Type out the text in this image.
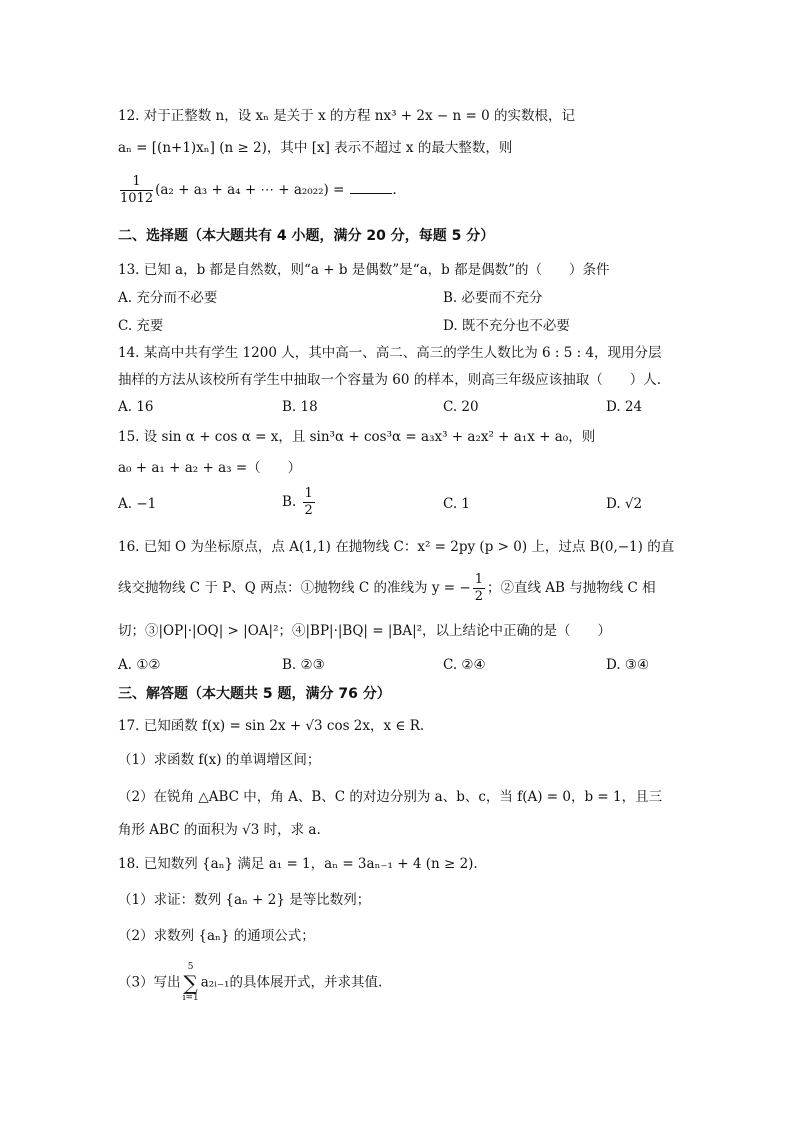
12. 对于正整数 n，设 xₙ 是关于 x 的方程 nx³ + 2x − n = 0 的实数根，记
aₙ = [(n+1)xₙ] (n ≥ 2)，其中 [x] 表示不超过 x 的最大整数，则
$\frac{1}{1012} (a_2 + a_3 + a_4$ + ⋯ + a₂₀₂₂) =	.
二、选择题（本大题共有 4 小题，满分 20 分，每题 5 分）
13. 已知 a，b 都是自然数，则“a + b 是偶数”是“a，b 都是偶数”的（　　）条件
A. 充分而不必要	B. 必要而不充分
C. 充要	D. 既不充分也不必要
14. 某高中共有学生 1200 人，其中高一、高二、高三的学生人数比为 6 : 5 : 4，现用分层
抽样的方法从该校所有学生中抽取一个容量为 60 的样本，则高三年级应该抽取（　　）人.
A. 16	B. 18	C. 20	D. 24
15. 设 sin α + cos α = x，且 sin³α + cos³α = a₃x³ + a₂x² + a₁x + a₀，则
a₀ + a₁ + a₂ + a₃ =（　　）
A. −1	B. $\frac{1}{2}$	C. 1	D. √2
16. 已知 O 为坐标原点，点 A(1,1) 在抛物线 C：x² = 2py (p > 0) 上，过点 B(0,−1) 的直
线交抛物线 C 于 P、Q 两点：①抛物线 C 的准线为 y = − $\frac{1}{2}$ ；②直线 AB 与抛物线 C 相
切；③|OP|·|OQ| > |OA|²；④|BP|·|BQ| = |BA|²，以上结论中正确的是（　　）
A. ①②	B. ②③	C. ②④	D. ③④
三、解答题（本大题共 5 题，满分 76 分）
17. 已知函数 f(x) = sin 2x + √3 cos 2x，x ∈ R.
（1）求函数 f(x) 的单调增区间；
（2）在锐角 △ABC 中，角 A、B、C 的对边分别为 a、b、c，当 f(A) = 0，b = 1，且三
角形 ABC 的面积为 √3 时，求 a.
18. 已知数列 {aₙ} 满足 a₁ = 1，aₙ = 3aₙ₋₁ + 4 (n ≥ 2).
（1）求证：数列 {aₙ + 2} 是等比数列；
（2）求数列 {aₙ} 的通项公式；
（3）写出
5
∑
i=1
a₂ᵢ₋₁的具体展开式，并求其值.
